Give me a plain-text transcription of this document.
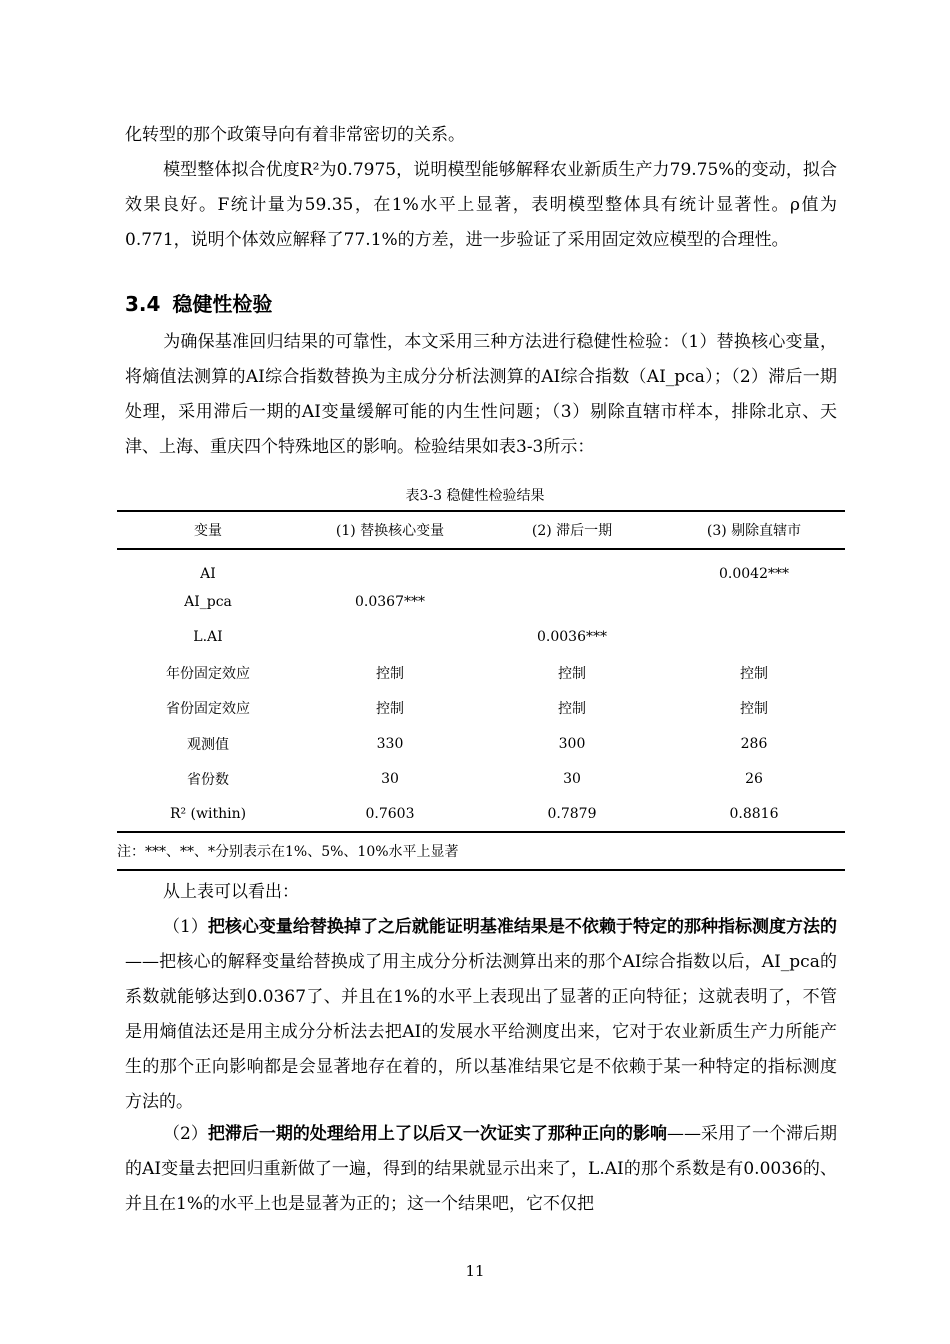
化转型的那个政策导向有着非常密切的关系。
模型整体拟合优度R²为0.7975，说明模型能够解释农业新质生产力79.75%的变动，拟合效果良好。F统计量为59.35，在1%水平上显著，表明模型整体具有统计显著性。ρ值为0.771，说明个体效应解释了77.1%的方差，进一步验证了采用固定效应模型的合理性。
3.4 稳健性检验
为确保基准回归结果的可靠性，本文采用三种方法进行稳健性检验：（1）替换核心变量，将熵值法测算的AI综合指数替换为主成分分析法测算的AI综合指数（AI_pca）；（2）滞后一期处理，采用滞后一期的AI变量缓解可能的内生性问题；（3）剔除直辖市样本，排除北京、天津、上海、重庆四个特殊地区的影响。检验结果如表3-3所示：
表3-3 稳健性检验结果
变量	(1) 替换核心变量	(2) 滞后一期	(3) 剔除直辖市
AI			0.0042***
AI_pca	0.0367***		
L.AI		0.0036***	
年份固定效应	控制	控制	控制
省份固定效应	控制	控制	控制
观测值	330	300	286
省份数	30	30	26
R² (within)	0.7603	0.7879	0.8816
注：***、**、*分别表示在1%、5%、10%水平上显著			
从上表可以看出：
（1）把核心变量给替换掉了之后就能证明基准结果是不依赖于特定的那种指标测度方法的——把核心的解释变量给替换成了用主成分分析法测算出来的那个AI综合指数以后，AI_pca的系数就能够达到0.0367了、并且在1%的水平上表现出了显著的正向特征；这就表明了，不管是用熵值法还是用主成分分析法去把AI的发展水平给测度出来，它对于农业新质生产力所能产生的那个正向影响都是会显著地存在着的，所以基准结果它是不依赖于某一种特定的指标测度方法的。
（2）把滞后一期的处理给用上了以后又一次证实了那种正向的影响——采用了一个滞后期的AI变量去把回归重新做了一遍，得到的结果就显示出来了，L.AI的那个系数是有0.0036的、并且在1%的水平上也是显著为正的；这一个结果吧，它不仅把
11
